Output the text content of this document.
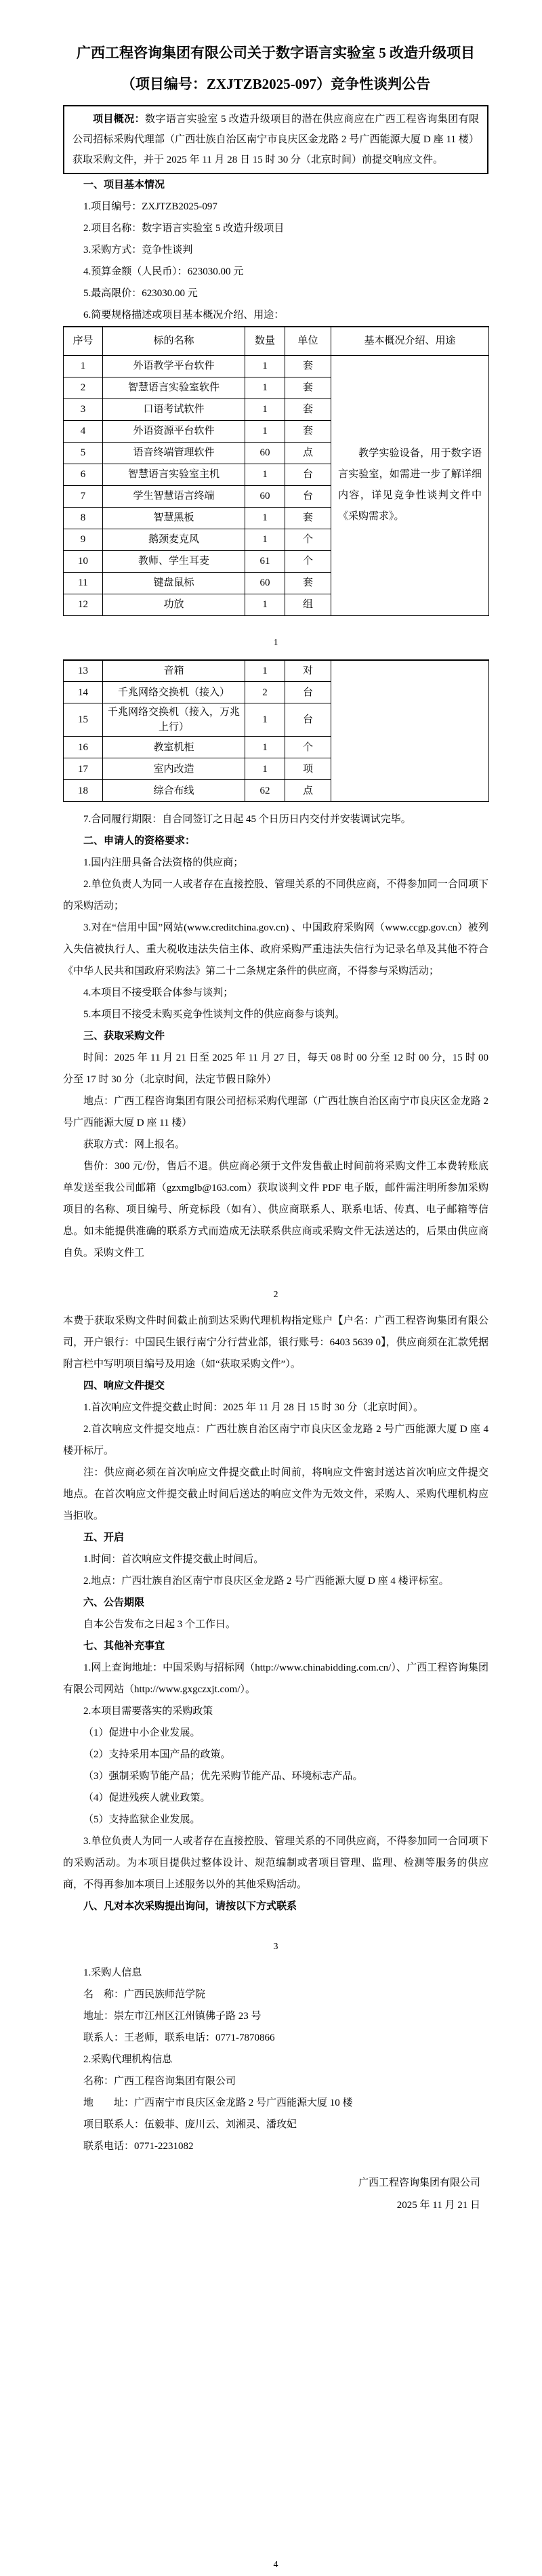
广西工程咨询集团有限公司关于数字语言实验室 5 改造升级项目
（项目编号：ZXJTZB2025-097）竞争性谈判公告

项目概况：数字语言实验室 5 改造升级项目的潜在供应商应在广西工程咨询集团有限公司招标采购代理部（广西壮族自治区南宁市良庆区金龙路 2 号广西能源大厦 D 座 11 楼）获取采购文件，并于 2025 年 11 月 28 日 15 时 30 分（北京时间）前提交响应文件。

一、项目基本情况

1.项目编号：ZXJTZB2025-097

2.项目名称：数字语言实验室 5 改造升级项目

3.采购方式：竞争性谈判

4.预算金额（人民币）：623030.00 元

5.最高限价：623030.00 元

6.简要规格描述或项目基本概况介绍、用途：

序号	标的名称	数量	单位	基本概况介绍、用途
1	外语教学平台软件	1	套	教学实验设备，用于数字语言实验室，如需进一步了解详细内容，详见竞争性谈判文件中《采购需求》。
2	智慧语言实验室软件	1	套	
3	口语考试软件	1	套	
4	外语资源平台软件	1	套	
5	语音终端管理软件	60	点	
6	智慧语言实验室主机	1	台	
7	学生智慧语言终端	60	台	
8	智慧黑板	1	套	
9	鹅颈麦克风	1	个	
10	教师、学生耳麦	61	个	
11	键盘鼠标	60	套	
12	功放	1	组	
1
13	音箱	1	对	
14	千兆网络交换机（接入）	2	台	
15	千兆网络交换机（接入，万兆上行）	1	台	
16	教室机柜	1	个	
17	室内改造	1	项	
18	综合布线	62	点	

7.合同履行期限：自合同签订之日起 45 个日历日内交付并安装调试完毕。

二、申请人的资格要求：

1.国内注册具备合法资格的供应商；

2.单位负责人为同一人或者存在直接控股、管理关系的不同供应商，不得参加同一合同项下的采购活动；

3.对在“信用中国”网站(www.creditchina.gov.cn) 、中国政府采购网（www.ccgp.gov.cn）被列入失信被执行人、重大税收违法失信主体、政府采购严重违法失信行为记录名单及其他不符合《中华人民共和国政府采购法》第二十二条规定条件的供应商，不得参与采购活动；

4.本项目不接受联合体参与谈判；

5.本项目不接受未购买竞争性谈判文件的供应商参与谈判。

三、获取采购文件

时间：2025 年 11 月 21 日至 2025 年 11 月 27 日，每天 08 时 00 分至 12 时 00 分，15 时 00 分至 17 时 30 分（北京时间，法定节假日除外）

地点：广西工程咨询集团有限公司招标采购代理部（广西壮族自治区南宁市良庆区金龙路 2 号广西能源大厦 D 座 11 楼）

获取方式：网上报名。

售价：300 元/份，售后不退。供应商必须于文件发售截止时间前将采购文件工本费转账底单发送至我公司邮箱（gzxmglb@163.com）获取谈判文件 PDF 电子版，邮件需注明所参加采购项目的名称、项目编号、所竞标段（如有）、供应商联系人、联系电话、传真、电子邮箱等信息。如未能提供准确的联系方式而造成无法联系供应商或采购文件无法送达的，后果由供应商自负。采购文件工

2

本费于获取采购文件时间截止前到达采购代理机构指定账户【户名：广西工程咨询集团有限公司，开户银行：中国民生银行南宁分行营业部，银行账号：6403 5639 0】，供应商须在汇款凭据附言栏中写明项目编号及用途（如“获取采购文件”）。

四、响应文件提交

1.首次响应文件提交截止时间：2025 年 11 月 28 日 15 时 30 分（北京时间）。

2.首次响应文件提交地点：广西壮族自治区南宁市良庆区金龙路 2 号广西能源大厦 D 座 4 楼开标厅。

注：供应商必须在首次响应文件提交截止时间前，将响应文件密封送达首次响应文件提交地点。在首次响应文件提交截止时间后送达的响应文件为无效文件，采购人、采购代理机构应当拒收。

五、开启

1.时间：首次响应文件提交截止时间后。

2.地点：广西壮族自治区南宁市良庆区金龙路 2 号广西能源大厦 D 座 4 楼评标室。

六、公告期限

自本公告发布之日起 3 个工作日。

七、其他补充事宜

1.网上查询地址：中国采购与招标网（http://www.chinabidding.com.cn/）、广西工程咨询集团有限公司网站（http://www.gxgczxjt.com/）。

2.本项目需要落实的采购政策

（1）促进中小企业发展。

（2）支持采用本国产品的政策。

（3）强制采购节能产品；优先采购节能产品、环境标志产品。

（4）促进残疾人就业政策。

（5）支持监狱企业发展。

3.单位负责人为同一人或者存在直接控股、管理关系的不同供应商，不得参加同一合同项下的采购活动。为本项目提供过整体设计、规范编制或者项目管理、监理、检测等服务的供应商，不得再参加本项目上述服务以外的其他采购活动。

八、凡对本次采购提出询问，请按以下方式联系

3

1.采购人信息

名　称：广西民族师范学院

地址：崇左市江州区江州镇佛子路 23 号

联系人：王老师，联系电话：0771-7870866

2.采购代理机构信息

名称：广西工程咨询集团有限公司

地　　址：广西南宁市良庆区金龙路 2 号广西能源大厦 10 楼

项目联系人：伍毅菲、庞川云、刘湘灵、潘玫妃

联系电话：0771-2231082

广西工程咨询集团有限公司
2025 年 11 月 21 日
4
